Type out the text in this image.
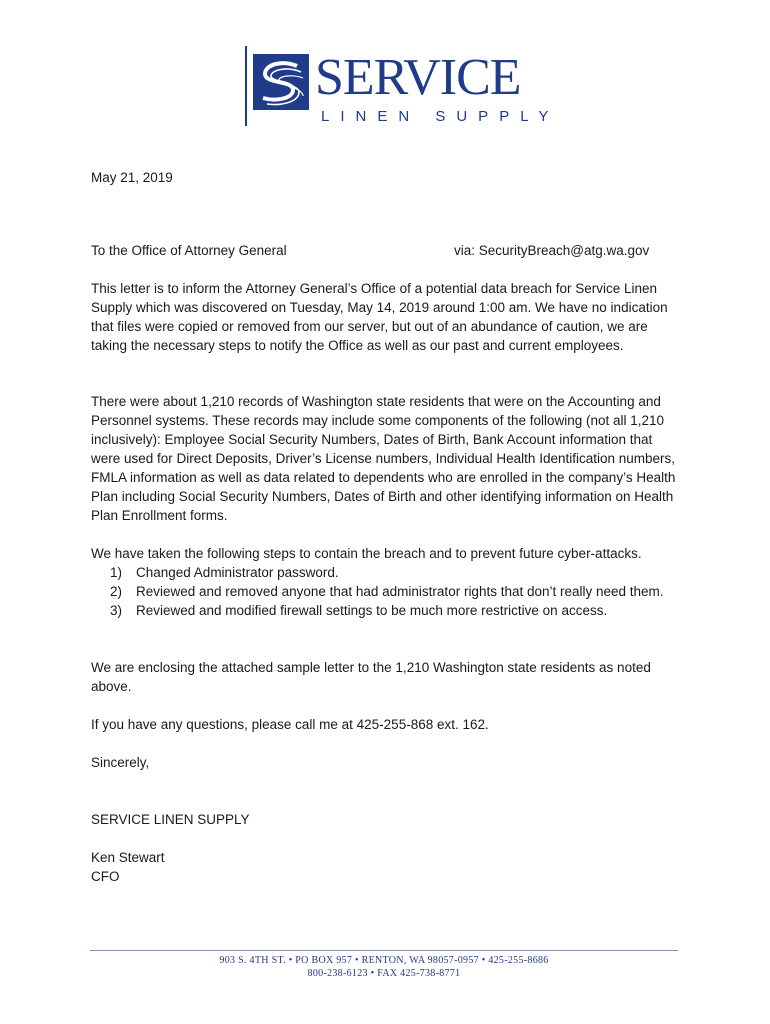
SERVICE
LINEN SUPPLY
May 21, 2019
To the Office of Attorney General	via: SecurityBreach@atg.wa.gov
This letter is to inform the Attorney General’s Office of a potential data breach for Service Linen Supply which was discovered on Tuesday, May 14, 2019 around 1:00 am. We have no indication that files were copied or removed from our server, but out of an abundance of caution, we are taking the necessary steps to notify the Office as well as our past and current employees.
There were about 1,210 records of Washington state residents that were on the Accounting and Personnel systems. These records may include some components of the following (not all 1,210 inclusively): Employee Social Security Numbers, Dates of Birth, Bank Account information that were used for Direct Deposits, Driver’s License numbers, Individual Health Identification numbers, FMLA information as well as data related to dependents who are enrolled in the company’s Health Plan including Social Security Numbers, Dates of Birth and other identifying information on Health Plan Enrollment forms.
We have taken the following steps to contain the breach and to prevent future cyber-attacks.
1) Changed Administrator password.
2) Reviewed and removed anyone that had administrator rights that don’t really need them.
3) Reviewed and modified firewall settings to be much more restrictive on access.
We are enclosing the attached sample letter to the 1,210 Washington state residents as noted above.
If you have any questions, please call me at 425-255-868 ext. 162.
Sincerely,
SERVICE LINEN SUPPLY
Ken Stewart
CFO
903 S. 4TH ST. • PO BOX 957 • RENTON, WA 98057-0957 • 425-255-8686
800-238-6123 • FAX 425-738-8771
